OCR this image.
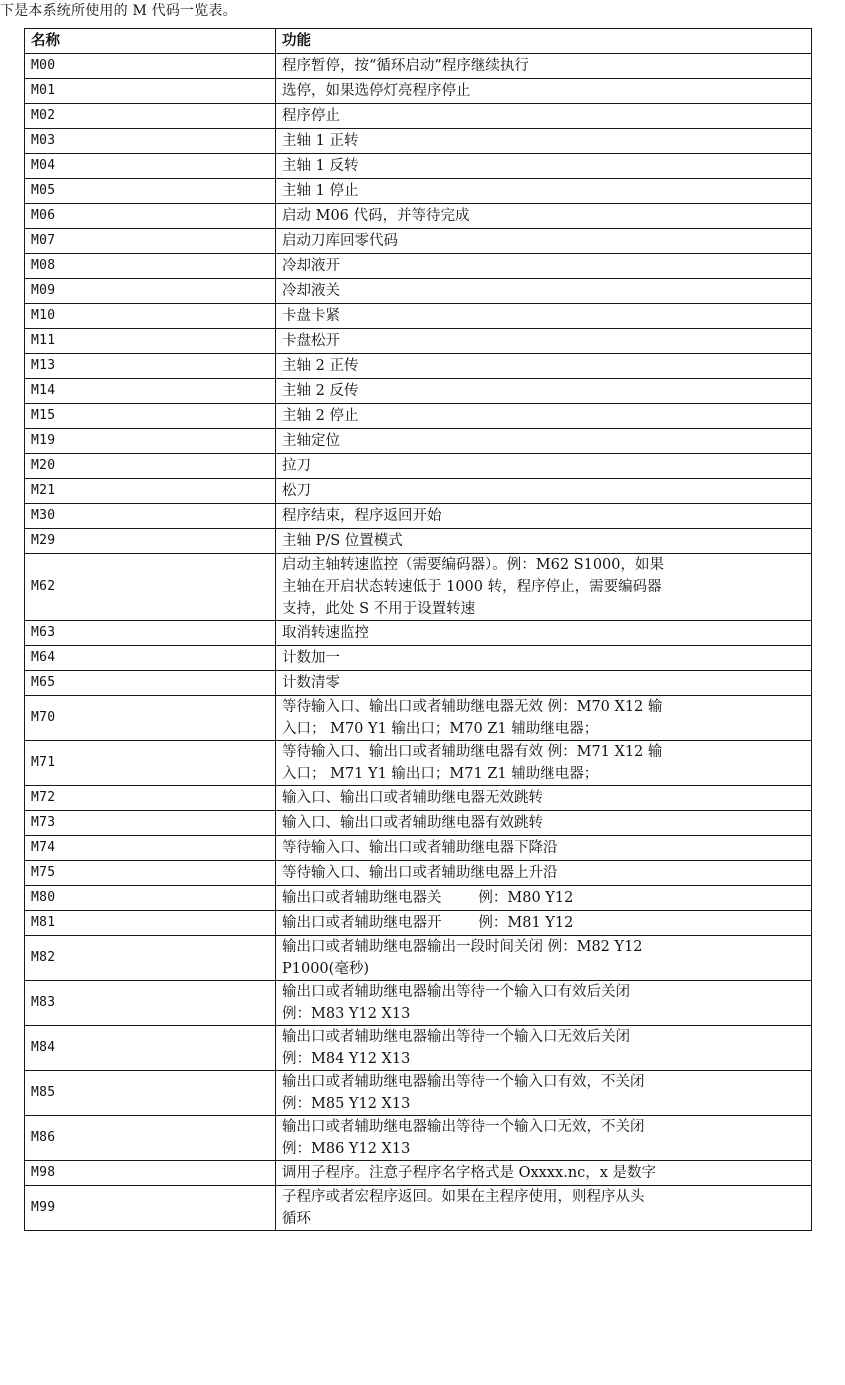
下是本系统所使用的 M 代码一览表。
名称	功能
M00	程序暂停，按“循环启动”程序继续执行

M01	选停，如果选停灯亮程序停止

M02	程序停止

M03	主轴 1 正转

M04	主轴 1 反转

M05	主轴 1 停止

M06	启动 M06 代码，并等待完成

M07	启动刀库回零代码

M08	冷却液开

M09	冷却液关

M10	卡盘卡紧

M11	卡盘松开

M13	主轴 2 正传

M14	主轴 2 反传

M15	主轴 2 停止

M19	主轴定位

M20	拉刀

M21	松刀

M30	程序结束，程序返回开始

M29	主轴 P/S 位置模式

M62	启动主轴转速监控（需要编码器）。例：M62 S1000，如果
主轴在开启状态转速低于 1000 转，程序停止，需要编码器
支持，此处 S 不用于设置转速

M63	取消转速监控

M64	计数加一

M65	计数清零

M70	等待输入口、输出口或者辅助继电器无效 例：M70 X12 输
入口； M70 Y1 输出口；M70 Z1 辅助继电器；

M71	等待输入口、输出口或者辅助继电器有效 例：M71 X12 输
入口； M71 Y1 输出口；M71 Z1 辅助继电器；

M72	输入口、输出口或者辅助继电器无效跳转

M73	输入口、输出口或者辅助继电器有效跳转

M74	等待输入口、输出口或者辅助继电器下降沿

M75	等待输入口、输出口或者辅助继电器上升沿

M80	输出口或者辅助继电器关        例：M80 Y12

M81	输出口或者辅助继电器开        例：M81 Y12

M82	输出口或者辅助继电器输出一段时间关闭 例：M82 Y12
P1000(毫秒)

M83	输出口或者辅助继电器输出等待一个输入口有效后关闭
例：M83 Y12 X13

M84	输出口或者辅助继电器输出等待一个输入口无效后关闭
例：M84 Y12 X13

M85	输出口或者辅助继电器输出等待一个输入口有效，不关闭
例：M85 Y12 X13

M86	输出口或者辅助继电器输出等待一个输入口无效，不关闭
例：M86 Y12 X13

M98	调用子程序。注意子程序名字格式是 Oxxxx.nc，x 是数字

M99	子程序或者宏程序返回。如果在主程序使用，则程序从头
循环
